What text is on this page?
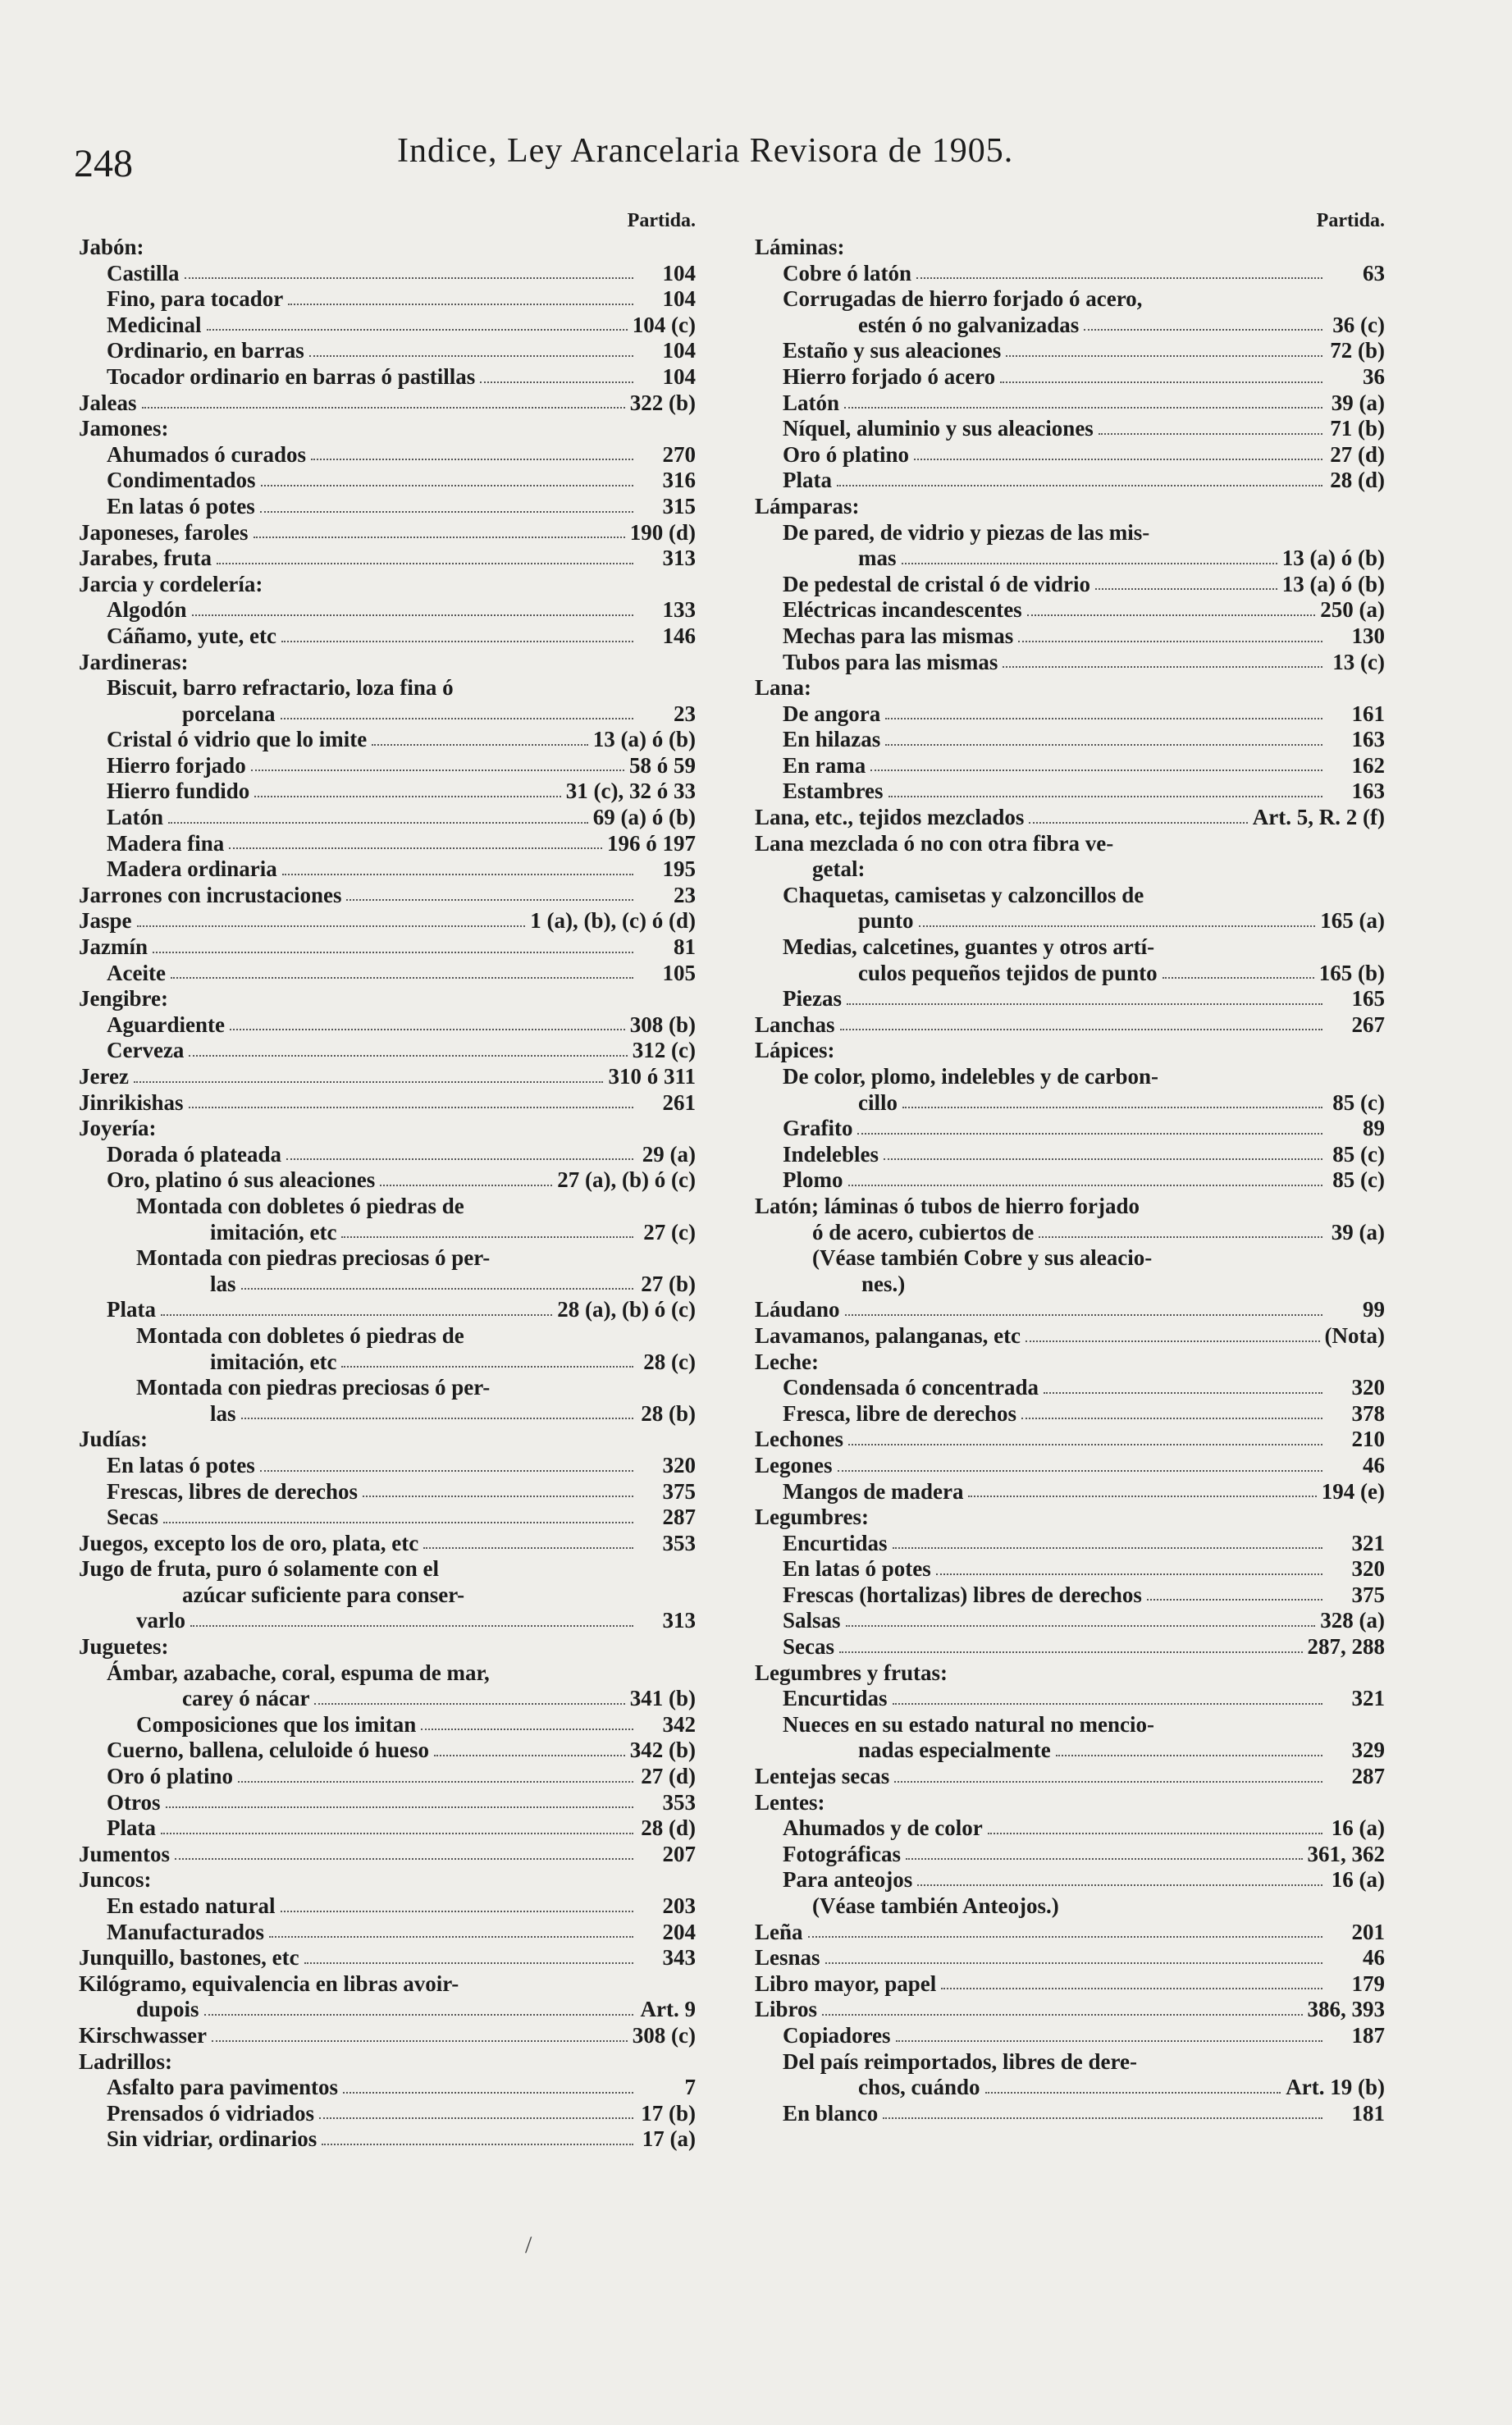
248	Indice, Ley Arancelaria Revisora de 1905.
Partida.
Jabón:
Castilla	104
Fino, para tocador	104
Medicinal	104 (c)
Ordinario, en barras	104
Tocador ordinario en barras ó pastillas	104
Jaleas	322 (b)
Jamones:
Ahumados ó curados	270
Condimentados	316
En latas ó potes	315
Japoneses, faroles	190 (d)
Jarabes, fruta	313
Jarcia y cordelería:
Algodón	133
Cáñamo, yute, etc	146
Jardineras:
Biscuit, barro refractario, loza fina ó
porcelana	23
Cristal ó vidrio que lo imite	13 (a) ó (b)
Hierro forjado	58 ó 59
Hierro fundido	31 (c), 32 ó 33
Latón	69 (a) ó (b)
Madera fina	196 ó 197
Madera ordinaria	195
Jarrones con incrustaciones	23
Jaspe	1 (a), (b), (c) ó (d)
Jazmín	81
Aceite	105
Jengibre:
Aguardiente	308 (b)
Cerveza	312 (c)
Jerez	310 ó 311
Jinrikishas	261
Joyería:
Dorada ó plateada	29 (a)
Oro, platino ó sus aleaciones	27 (a), (b) ó (c)
Montada con dobletes ó piedras de
imitación, etc	27 (c)
Montada con piedras preciosas ó per-
las	27 (b)
Plata	28 (a), (b) ó (c)
Montada con dobletes ó piedras de
imitación, etc	28 (c)
Montada con piedras preciosas ó per-
las	28 (b)
Judías:
En latas ó potes	320
Frescas, libres de derechos	375
Secas	287
Juegos, excepto los de oro, plata, etc	353
Jugo de fruta, puro ó solamente con el
azúcar suficiente para conser-
varlo	313
Juguetes:
Ámbar, azabache, coral, espuma de mar,
carey ó nácar	341 (b)
Composiciones que los imitan	342
Cuerno, ballena, celuloide ó hueso	342 (b)
Oro ó platino	27 (d)
Otros	353
Plata	28 (d)
Jumentos	207
Juncos:
En estado natural	203
Manufacturados	204
Junquillo, bastones, etc	343
Kilógramo, equivalencia en libras avoir-
dupois	Art. 9
Kirschwasser	308 (c)
Ladrillos:
Asfalto para pavimentos	7
Prensados ó vidriados	17 (b)
Sin vidriar, ordinarios	17 (a)
Partida.
Láminas:
Cobre ó latón	63
Corrugadas de hierro forjado ó acero,
estén ó no galvanizadas	36 (c)
Estaño y sus aleaciones	72 (b)
Hierro forjado ó acero	36
Latón	39 (a)
Níquel, aluminio y sus aleaciones	71 (b)
Oro ó platino	27 (d)
Plata	28 (d)
Lámparas:
De pared, de vidrio y piezas de las mis-
mas	13 (a) ó (b)
De pedestal de cristal ó de vidrio	13 (a) ó (b)
Eléctricas incandescentes	250 (a)
Mechas para las mismas	130
Tubos para las mismas	13 (c)
Lana:
De angora	161
En hilazas	163
En rama	162
Estambres	163
Lana, etc., tejidos mezclados	Art. 5, R. 2 (f)
Lana mezclada ó no con otra fibra ve-
getal:
Chaquetas, camisetas y calzoncillos de
punto	165 (a)
Medias, calcetines, guantes y otros artí-
culos pequeños tejidos de punto	165 (b)
Piezas	165
Lanchas	267
Lápices:
De color, plomo, indelebles y de carbon-
cillo	85 (c)
Grafito	89
Indelebles	85 (c)
Plomo	85 (c)
Latón; láminas ó tubos de hierro forjado
ó de acero, cubiertos de	39 (a)
(Véase también Cobre y sus aleacio-
nes.)
Láudano	99
Lavamanos, palanganas, etc	(Nota)
Leche:
Condensada ó concentrada	320
Fresca, libre de derechos	378
Lechones	210
Legones	46
Mangos de madera	194 (e)
Legumbres:
Encurtidas	321
En latas ó potes	320
Frescas (hortalizas) libres de derechos	375
Salsas	328 (a)
Secas	287, 288
Legumbres y frutas:
Encurtidas	321
Nueces en su estado natural no mencio-
nadas especialmente	329
Lentejas secas	287
Lentes:
Ahumados y de color	16 (a)
Fotográficas	361, 362
Para anteojos	16 (a)
(Véase también Anteojos.)
Leña	201
Lesnas	46
Libro mayor, papel	179
Libros	386, 393
Copiadores	187
Del país reimportados, libres de dere-
chos, cuándo	Art. 19 (b)
En blanco	181
/
